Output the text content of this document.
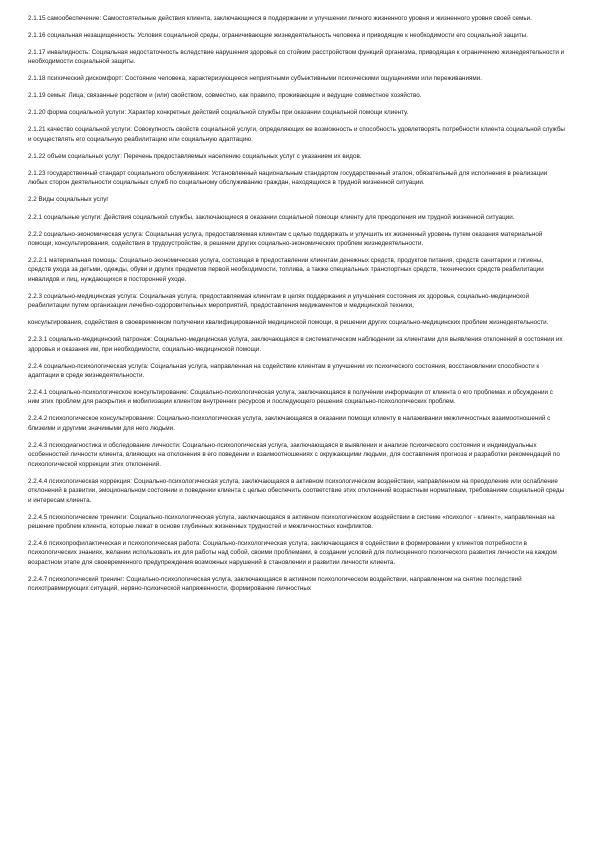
2.1.15 самообеспечение: Самостоятельные действия клиента, заключающиеся в поддержании и улучшении личного жизненного уровня и жизненного уровня своей семьи.

2.1.16 социальная незащищенность: Условия социальной среды, ограничивающие жизнедеятельность человека и приводящие к необходимости его социальной защиты.

2.1.17 инвалидность: Социальная недостаточность вследствие нарушения здоровья со стойким расстройством функций организма, приводящая к ограничению жизнедеятельности и необходимости социальной защиты.

2.1.18 психический дискомфорт: Состояние человека, характеризующееся неприятными субъективными психическими ощущениями или переживаниями.

2.1.19 семья: Лица, связанные родством и (или) свойством, совместно, как правило, проживающие и ведущие совместное хозяйство.

2.1.20 форма социальной услуги: Характер конкретных действий социальной службы при оказании социальной помощи клиенту.

2.1.21 качество социальной услуги: Совокупность свойств социальной услуги, определяющих ее возможность и способность удовлетворять потребности клиента социальной службы и осуществлять его социальную реабилитацию или социальную адаптацию.

2.1.22 объем социальных услуг: Перечень предоставляемых населению социальных услуг с указанием их видов.

2.1.23 государственный стандарт социального обслуживания: Установленный национальным стандартом государственный эталон, обязательный для исполнения в реализации любых сторон деятельности социальных служб по социальному обслуживанию граждан, находящихся в трудной жизненной ситуации.

2.2 Виды социальных услуг

2.2.1 социальные услуги: Действия социальной службы, заключающиеся в оказании социальной помощи клиенту для преодоления им трудной жизненной ситуации.

2.2.2 социально-экономическая услуга: Социальная услуга, предоставляемая клиентам с целью поддержать и улучшить их жизненный уровень путем оказания материальной помощи, консультирования, содействия в трудоустройстве, в решении других социально-экономических проблем жизнедеятельности.

2.2.2.1 материальная помощь: Социально-экономическая услуга, состоящая в предоставлении клиентам денежных средств, продуктов питания, средств санитарии и гигиены, средств ухода за детьми, одежды, обуви и других предметов первой необходимости, топлива, а также специальных транспортных средств, технических средств реабилитации инвалидов и лиц, нуждающихся в посторонней уходе.

2.2.3 социально-медицинская услуга: Социальная услуга, предоставляемая клиентам в целях поддержания и улучшения состояния их здоровья, социально-медицинской реабилитации путем организации лечебно-оздоровительных мероприятий, предоставления медикаментов и медицинской техники,

консультирования, содействия в своевременном получении квалифицированной медицинской помощи, в решении других социально-медицинских проблем жизнедеятельности.

2.2.3.1 социально-медицинский патронаж: Социально-медицинская услуга, заключающаяся в систематическом наблюдении за клиентами для выявления отклонений в состоянии их здоровья и оказания им, при необходимости, социально-медицинской помощи.

2.2.4 социально-психологическая услуга: Социальная услуга, направленная на содействие клиентам в улучшении их психического состояния, восстановлении способности к адаптации в среде жизнедеятельности.

2.2.4.1 социально-психологическое консультирование: Социально-психологическая услуга, заключающаяся в получении информации от клиента о его проблемах и обсуждении с ним этих проблем для раскрытия и мобилизации клиентом внутренних ресурсов и последующего решения социально-психологических проблем.

2.2.4.2 психологическое консультирование: Социально-психологическая услуга, заключающаяся в оказании помощи клиенту в налаживании межличностных взаимоотношений с близкими и другими значимыми для него людьми.

2.2.4.3 психодиагностика и обследование личности: Социально-психологическая услуга, заключающаяся в выявлении и анализе психического состояния и индивидуальных особенностей личности клиента, влияющих на отклонения в его поведении и взаимоотношениях с окружающими людьми, для составления прогноза и разработки рекомендаций по психологической коррекции этих отклонений.

2.2.4.4 психологическая коррекция: Социально-психологическая услуга, заключающаяся в активном психологическом воздействии, направленном на преодоление или ослабление отклонений в развитии, эмоциональном состоянии и поведении клиента с целью обеспечить соответствие этих отклонений возрастным нормативам, требованиям социальной среды и интересам клиента.

2.2.4.5 психологические тренинги: Социально-психологическая услуга, заключающаяся в активном психологическом воздействии в системе «психолог - клиент», направленная на решение проблем клиента, которые лежат в основе глубинных жизненных трудностей и межличностных конфликтов.

2.2.4.6 психопрофилактическая и психологическая работа: Социально-психологическая услуга, заключающаяся в содействии в формировании у клиентов потребности в психологических знаниях, желании использовать их для работы над собой, своими проблемами, в создании условий для полноценного психического развития личности на каждом возрастном этапе для своевременного предупреждения возможных нарушений в становлении и развитии личности клиента.

2.2.4.7 психологический тренинг: Социально-психологическая услуга, заключающаяся в активном психологическом воздействии, направленном на снятие последствий психотравмирующих ситуаций, нервно-психической напряженности, формирование личностных
